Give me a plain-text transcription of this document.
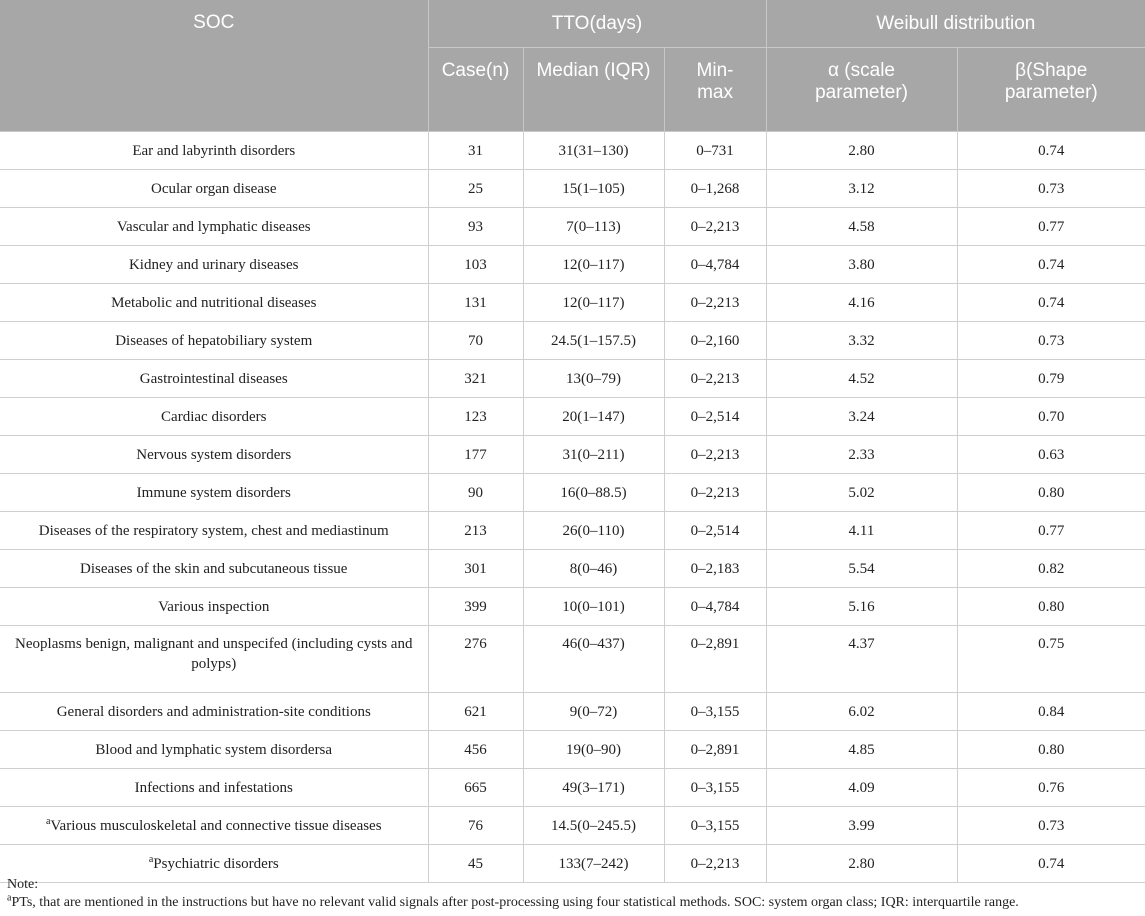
SOC	TTO(days)			Weibull distribution	
	Case(n)	Median (IQR)	Min-max	α (scale parameter)	β(Shape parameter)
Ear and labyrinth disorders	31	31(31–130)	0–731	2.80	0.74
Ocular organ disease	25	15(1–105)	0–1,268	3.12	0.73
Vascular and lymphatic diseases	93	7(0–113)	0–2,213	4.58	0.77
Kidney and urinary diseases	103	12(0–117)	0–4,784	3.80	0.74
Metabolic and nutritional diseases	131	12(0–117)	0–2,213	4.16	0.74
Diseases of hepatobiliary system	70	24.5(1–157.5)	0–2,160	3.32	0.73
Gastrointestinal diseases	321	13(0–79)	0–2,213	4.52	0.79
Cardiac disorders	123	20(1–147)	0–2,514	3.24	0.70
Nervous system disorders	177	31(0–211)	0–2,213	2.33	0.63
Immune system disorders	90	16(0–88.5)	0–2,213	5.02	0.80
Diseases of the respiratory system, chest and mediastinum	213	26(0–110)	0–2,514	4.11	0.77
Diseases of the skin and subcutaneous tissue	301	8(0–46)	0–2,183	5.54	0.82
Various inspection	399	10(0–101)	0–4,784	5.16	0.80
Neoplasms benign, malignant and unspecifed (including cysts and polyps)	276	46(0–437)	0–2,891	4.37	0.75
General disorders and administration-site conditions	621	9(0–72)	0–3,155	6.02	0.84
Blood and lymphatic system disordersa	456	19(0–90)	0–2,891	4.85	0.80
Infections and infestations	665	49(3–171)	0–3,155	4.09	0.76
$^a$Various musculoskeletal and connective tissue diseases	76	14.5(0–245.5)	0–3,155	3.99	0.73
$^a$Psychiatric disorders	45	133(7–242)	0–2,213	2.80	0.74
Note:
$^a$PTs, that are mentioned in the instructions but have no relevant valid signals after post-processing using four statistical methods. SOC: system organ class; IQR: interquartile range.
